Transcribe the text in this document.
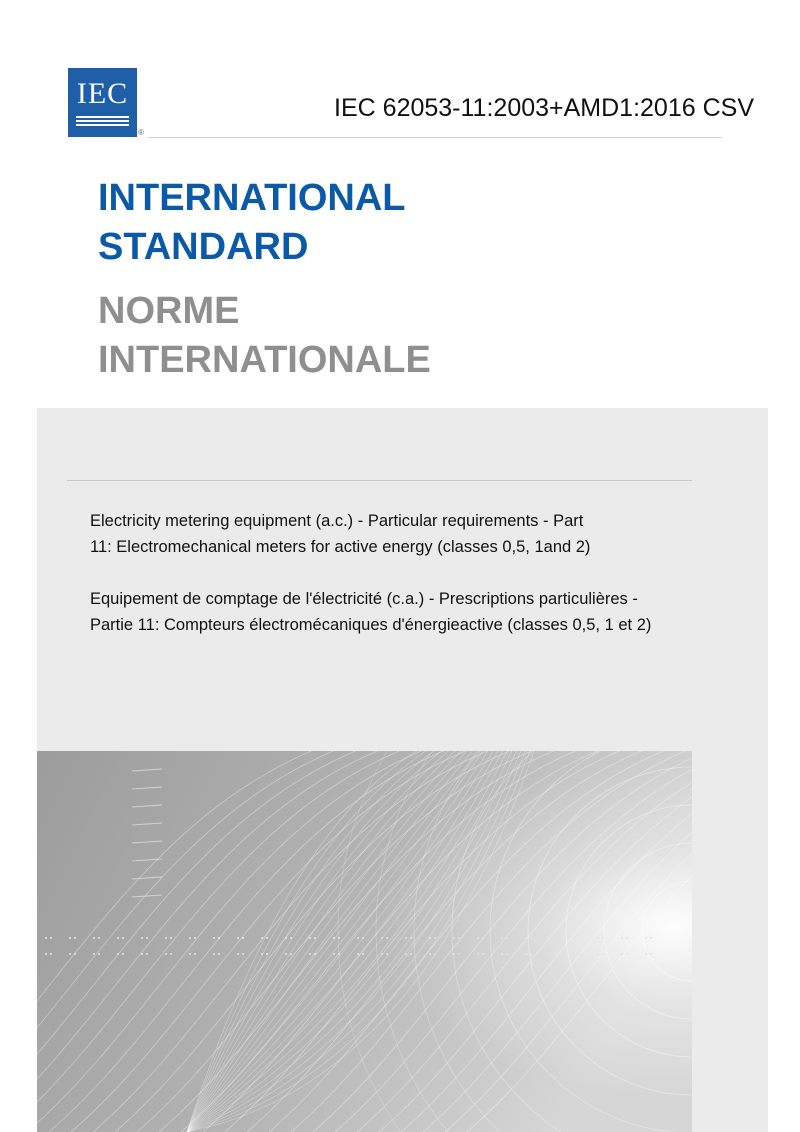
IEC
®
IEC 62053-11:2003+AMD1:2016 CSV
INTERNATIONAL
STANDARD
NORME
INTERNATIONALE
Electricity metering equipment (a.c.) - Particular requirements - Part
11: Electromechanical meters for active energy (classes 0,5, 1and 2)
Equipement de comptage de l'électricité (c.a.) - Prescriptions particulières -
Partie 11: Compteurs électromécaniques d'énergieactive (classes 0,5, 1 et 2)
